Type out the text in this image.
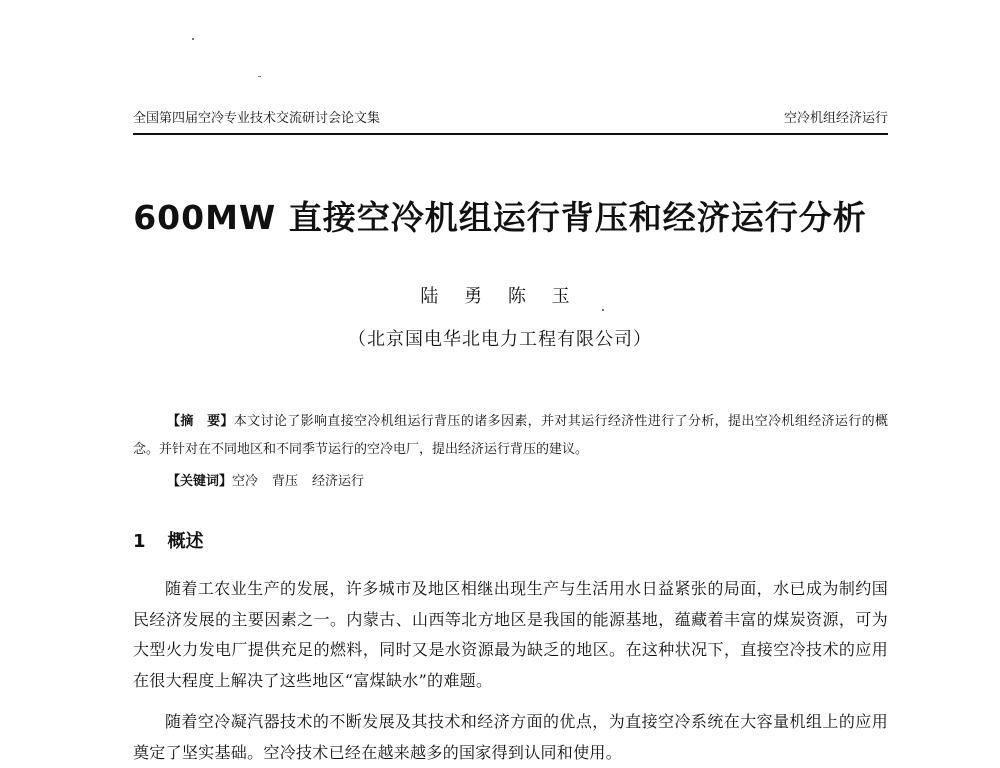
全国第四届空冷专业技术交流研讨会论文集	空冷机组经济运行
600MW 直接空冷机组运行背压和经济运行分析
陆 勇 陈 玉
（北京国电华北电力工程有限公司）
【摘　要】本文讨论了影响直接空冷机组运行背压的诸多因素，并对其运行经济性进行了分析，提出空冷机组经济运行的概念。并针对在不同地区和不同季节运行的空冷电厂，提出经济运行背压的建议。
【关键词】空冷 背压 经济运行
1 概述
随着工农业生产的发展，许多城市及地区相继出现生产与生活用水日益紧张的局面，水已成为制约国民经济发展的主要因素之一。内蒙古、山西等北方地区是我国的能源基地，蕴藏着丰富的煤炭资源，可为大型火力发电厂提供充足的燃料，同时又是水资源最为缺乏的地区。在这种状况下，直接空冷技术的应用在很大程度上解决了这些地区“富煤缺水”的难题。
随着空冷凝汽器技术的不断发展及其技术和经济方面的优点，为直接空冷系统在大容量机组上的应用奠定了坚实基础。空冷技术已经在越来越多的国家得到认同和使用。
